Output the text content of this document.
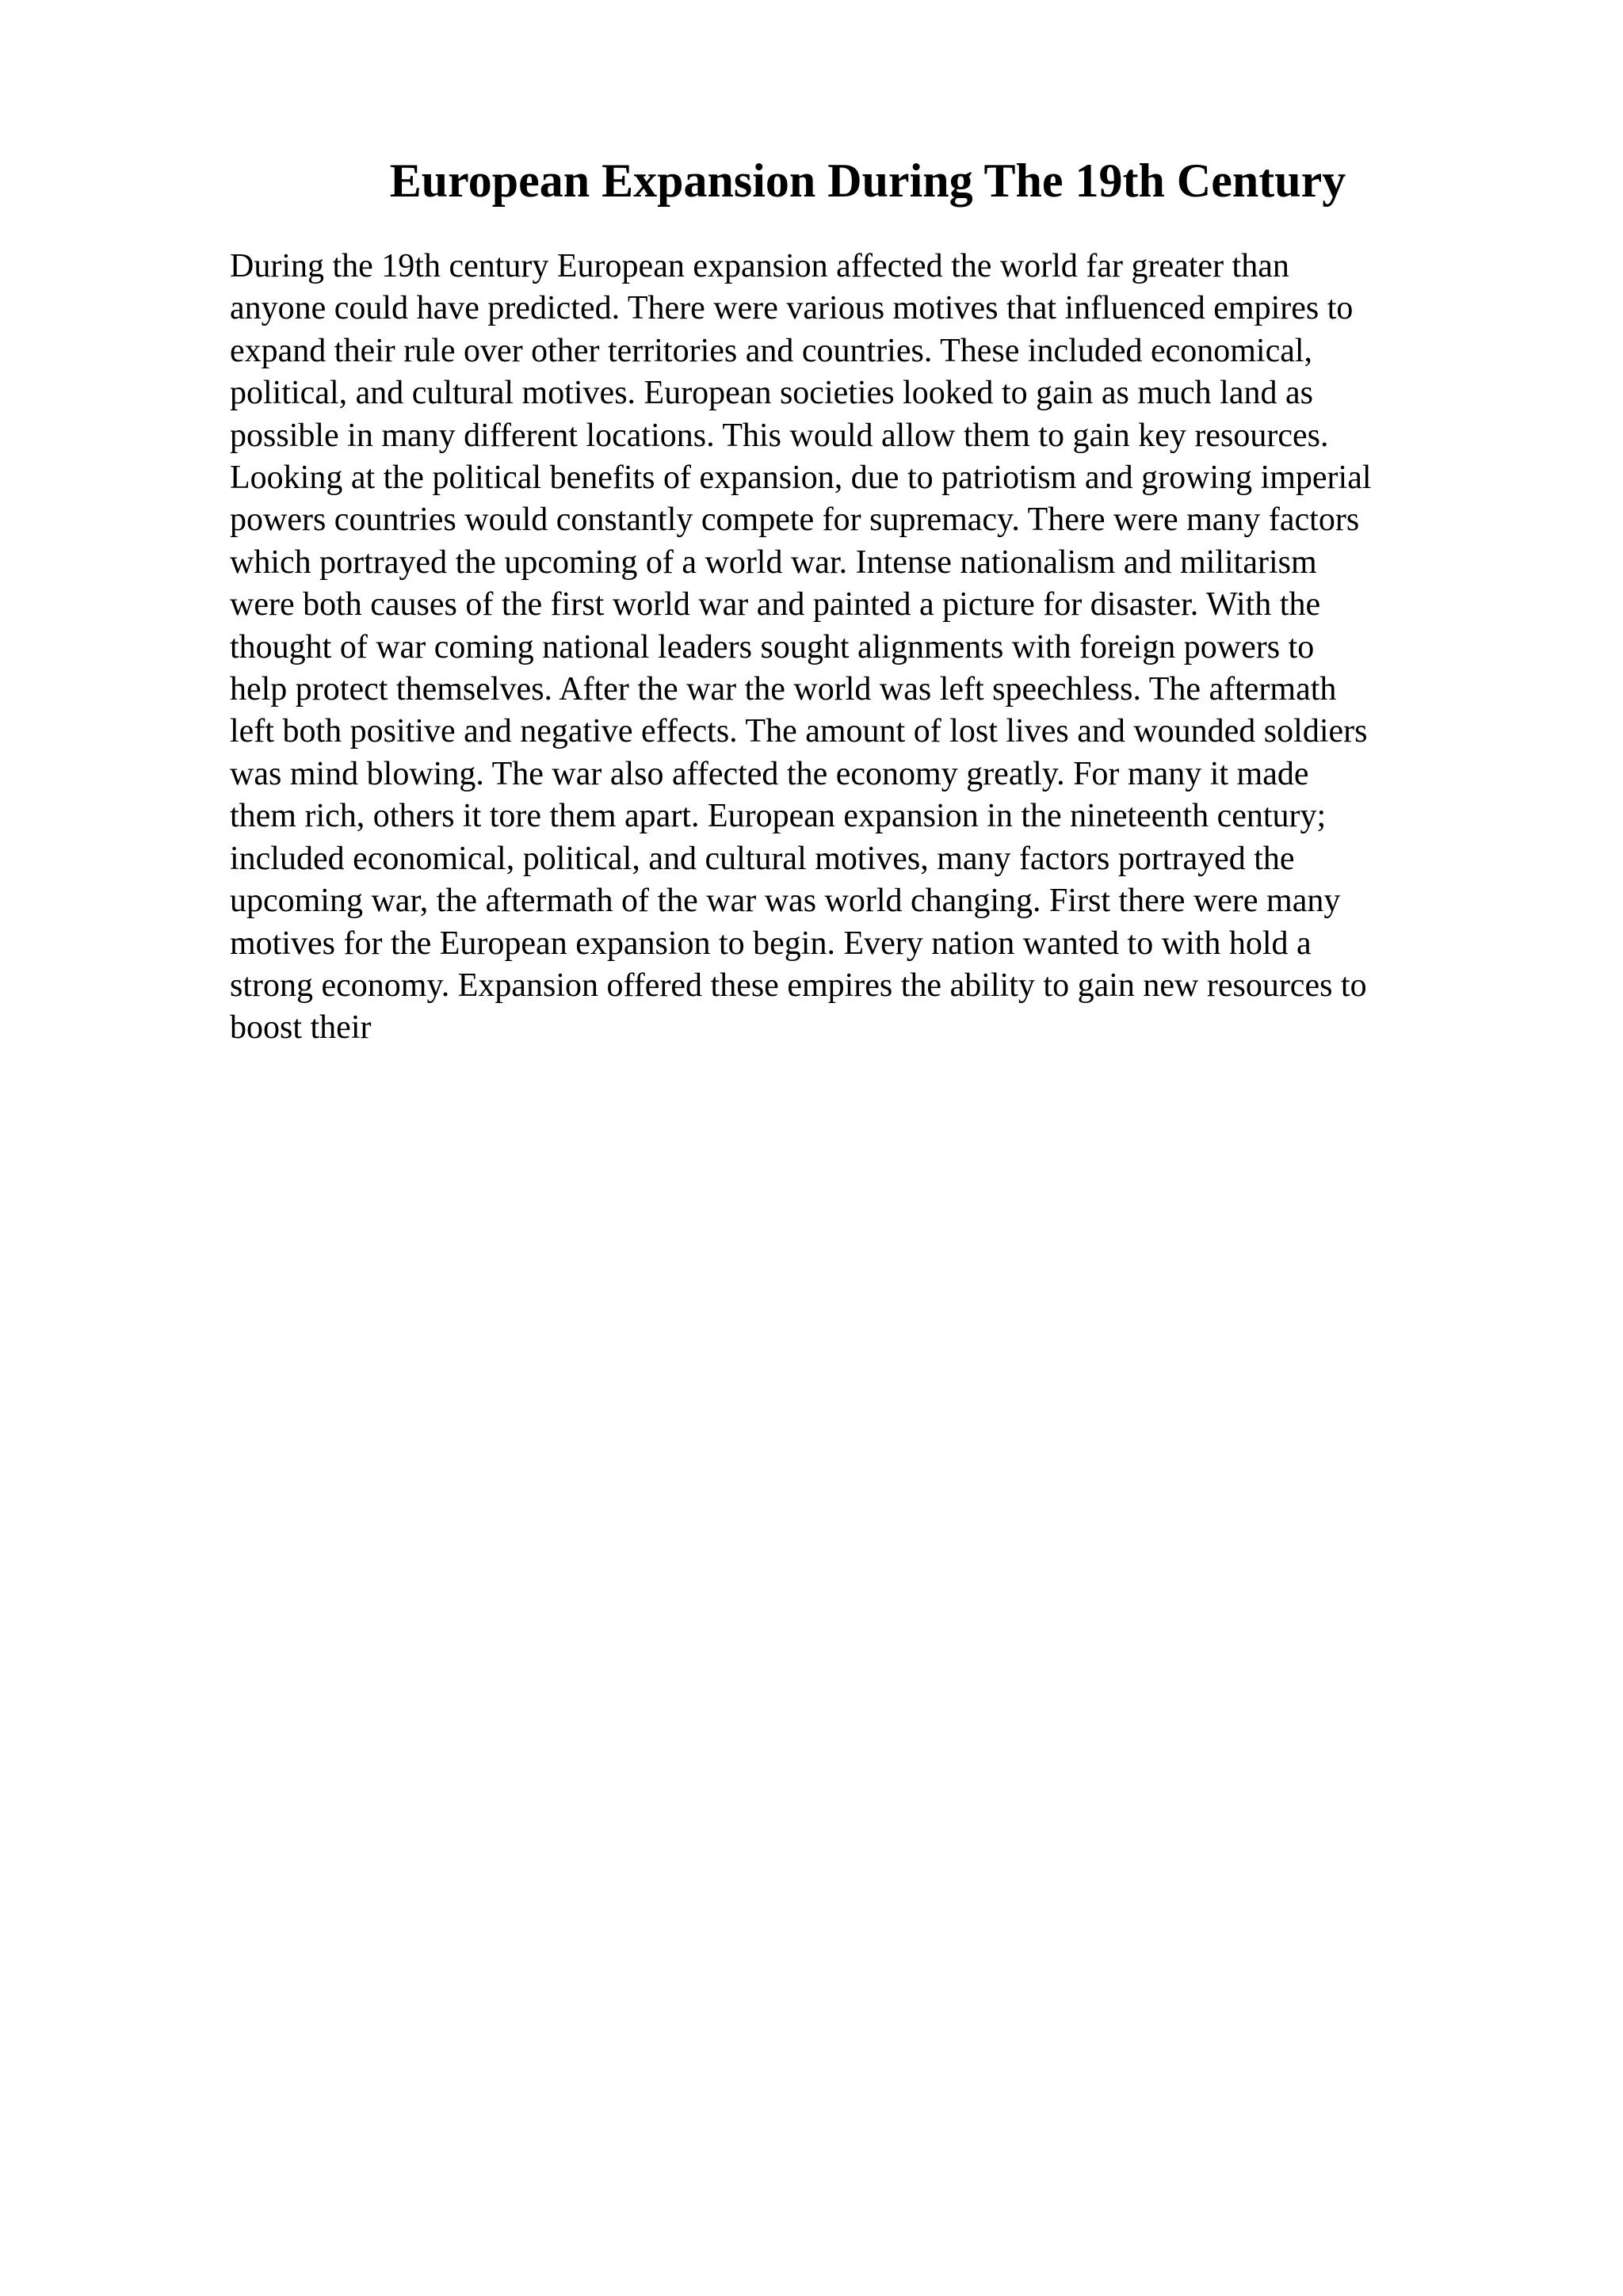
European Expansion During The 19th Century
During the 19th century European expansion affected the world far greater than
anyone could have predicted. There were various motives that influenced empires to
expand their rule over other territories and countries. These included economical,
political, and cultural motives. European societies looked to gain as much land as
possible in many different locations. This would allow them to gain key resources.
Looking at the political benefits of expansion, due to patriotism and growing imperial
powers countries would constantly compete for supremacy. There were many factors
which portrayed the upcoming of a world war. Intense nationalism and militarism
were both causes of the first world war and painted a picture for disaster. With the
thought of war coming national leaders sought alignments with foreign powers to
help protect themselves. After the war the world was left speechless. The aftermath
left both positive and negative effects. The amount of lost lives and wounded soldiers
was mind blowing. The war also affected the economy greatly. For many it made
them rich, others it tore them apart. European expansion in the nineteenth century;
included economical, political, and cultural motives, many factors portrayed the
upcoming war, the aftermath of the war was world changing. First there were many
motives for the European expansion to begin. Every nation wanted to with hold a
strong economy. Expansion offered these empires the ability to gain new resources to
boost their
